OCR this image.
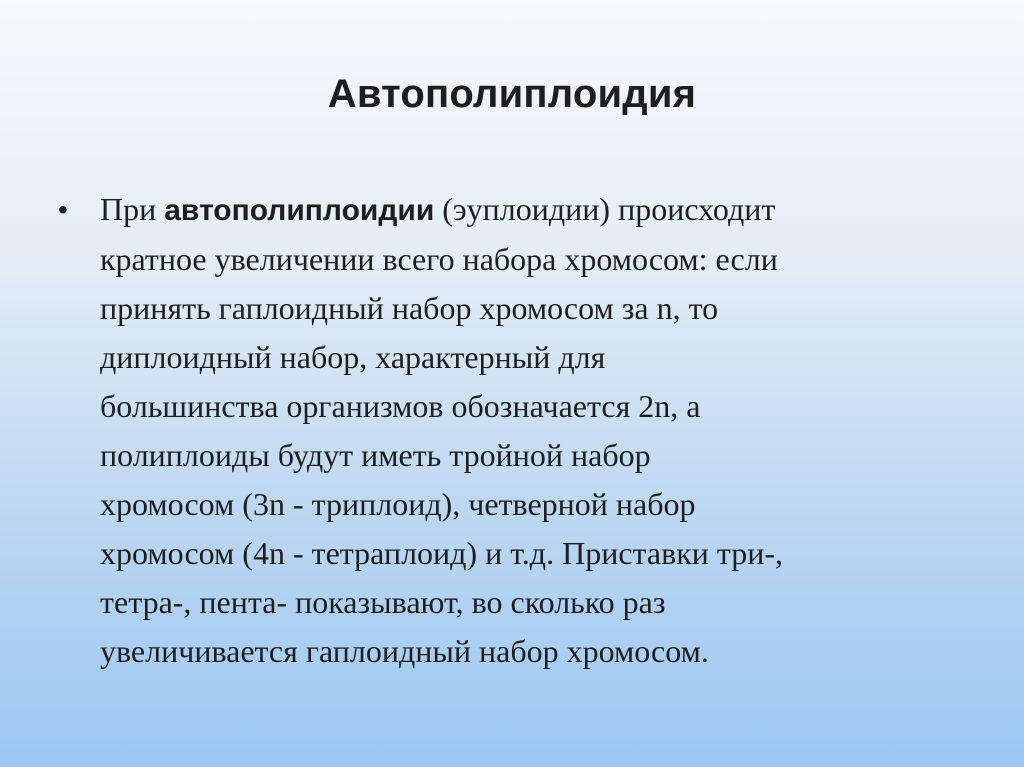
Автополиплоидия
• При автополиплоидии (эуплоидии) происходит
кратное увеличении всего набора хромосом: если
принять гаплоидный набор хромосом за n, то
диплоидный набор, характерный для
большинства организмов обозначается 2n, а
полиплоиды будут иметь тройной набор
хромосом (3n - триплоид), четверной набор
хромосом (4n - тетраплоид) и т.д. Приставки три-,
тетра-, пента- показывают, во сколько раз
увеличивается гаплоидный набор хромосом.
